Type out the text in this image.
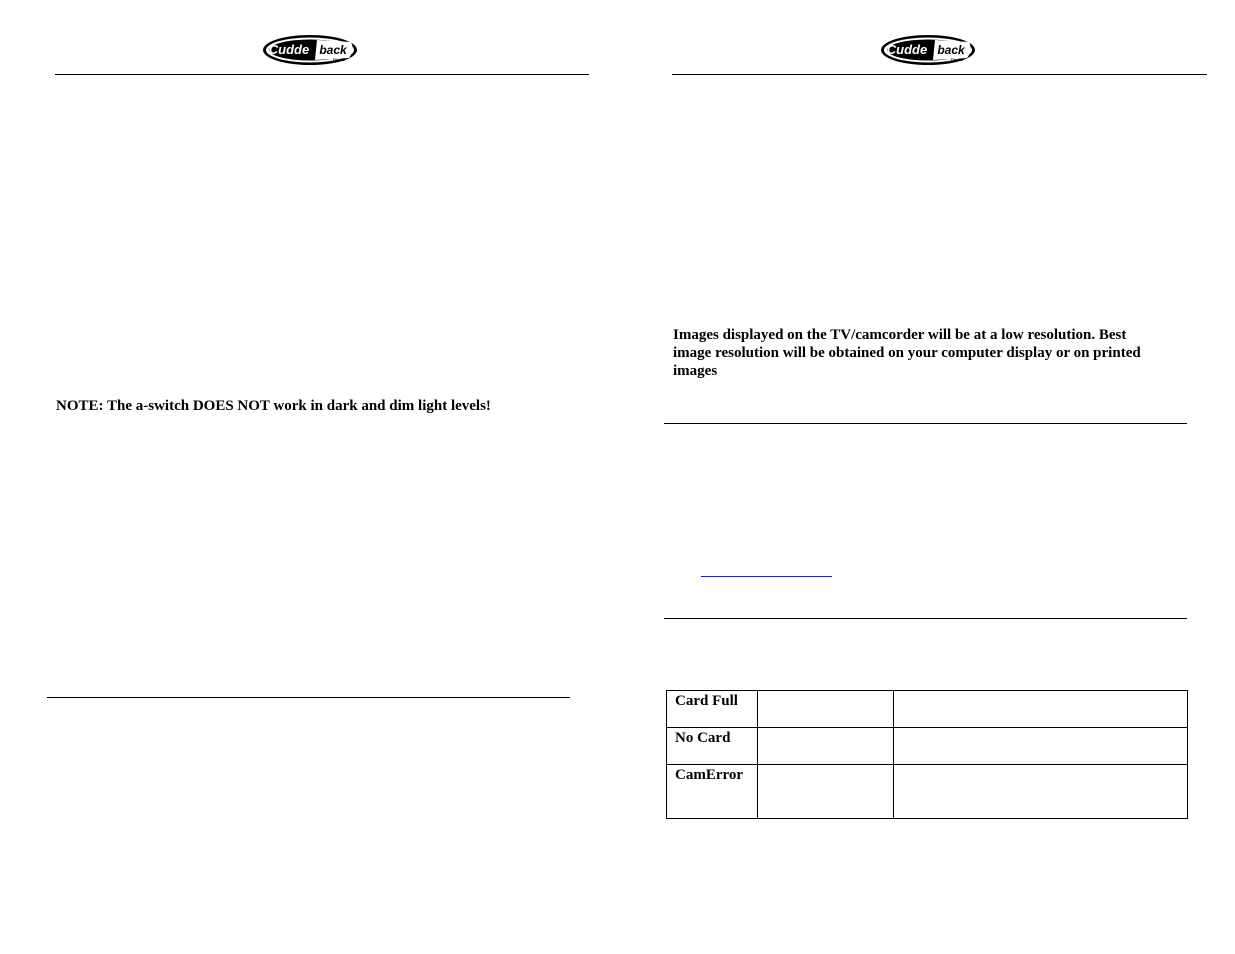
Cudde back
Digital
Cudde back
Digital

NOTE: The a-switch DOES NOT work in dark and dim light levels!

Images displayed on the TV/camcorder will be at a low resolution. Best

image resolution will be obtained on your computer display or on printed

images

Card Full		
No Card		
CamError		
